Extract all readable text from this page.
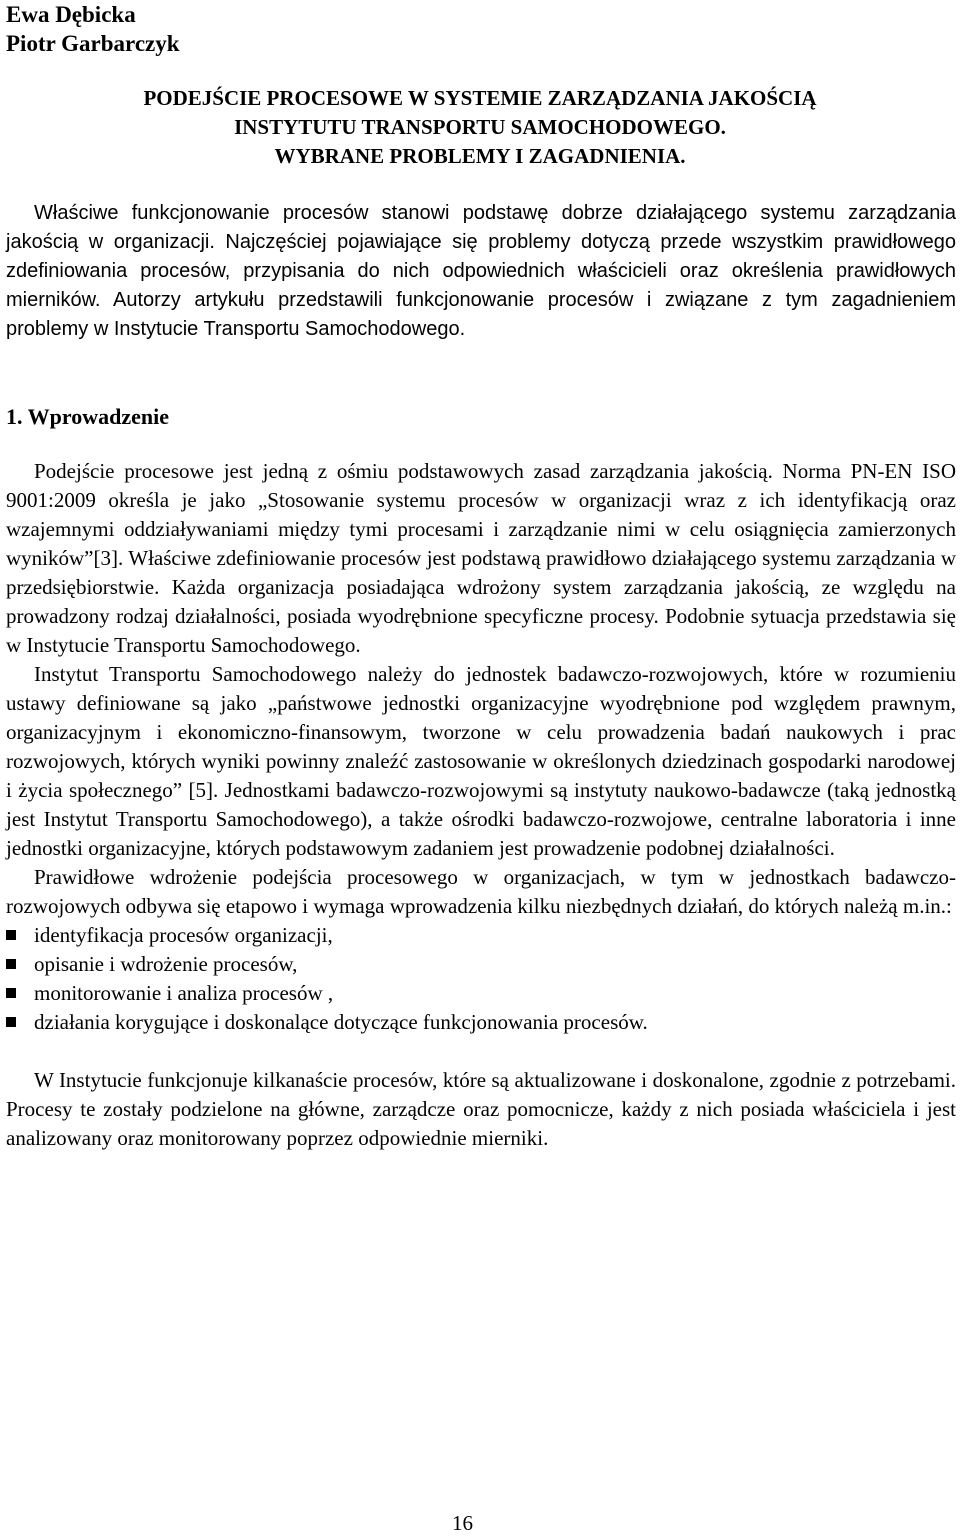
Ewa Dębicka
Piotr Garbarczyk
PODEJŚCIE PROCESOWE W SYSTEMIE ZARZĄDZANIA JAKOŚCIĄ
INSTYTUTU TRANSPORTU SAMOCHODOWEGO.
WYBRANE PROBLEMY I ZAGADNIENIA.

Właściwe funkcjonowanie procesów stanowi podstawę dobrze działającego systemu zarządzania jakością w organizacji. Najczęściej pojawiające się problemy dotyczą przede wszystkim prawidłowego zdefiniowania procesów, przypisania do nich odpowiednich właścicieli oraz określenia prawidłowych mierników. Autorzy artykułu przedstawili funkcjonowanie procesów i związane z tym zagadnieniem problemy w Instytucie Transportu Samochodowego.

1. Wprowadzenie

Podejście procesowe jest jedną z ośmiu podstawowych zasad zarządzania jakością. Norma PN-EN ISO 9001:2009 określa je jako „Stosowanie systemu procesów w organizacji wraz z ich identyfikacją oraz wzajemnymi oddziaływaniami między tymi procesami i zarządzanie nimi w celu osiągnięcia zamierzonych wyników”[3]. Właściwe zdefiniowanie procesów jest podstawą prawidłowo działającego systemu zarządzania w przedsiębiorstwie. Każda organizacja posiadająca wdrożony system zarządzania jakością, ze względu na prowadzony rodzaj działalności, posiada wyodrębnione specyficzne procesy. Podobnie sytuacja przedstawia się w Instytucie Transportu Samochodowego.

Instytut Transportu Samochodowego należy do jednostek badawczo-rozwojowych, które w rozumieniu ustawy definiowane są jako „państwowe jednostki organizacyjne wyodrębnione pod względem prawnym, organizacyjnym i ekonomiczno-finansowym, tworzone w celu prowadzenia badań naukowych i prac rozwojowych, których wyniki powinny znaleźć zastosowanie w określonych dziedzinach gospodarki narodowej i życia społecznego” [5]. Jednostkami badawczo-rozwojowymi są instytuty naukowo-badawcze (taką jednostką jest Instytut Transportu Samochodowego), a także ośrodki badawczo-rozwojowe, centralne laboratoria i inne jednostki organizacyjne, których podstawowym zadaniem jest prowadzenie podobnej działalności.

Prawidłowe wdrożenie podejścia procesowego w organizacjach, w tym w jednostkach badawczo-rozwojowych odbywa się etapowo i wymaga wprowadzenia kilku niezbędnych działań, do których należą m.in.:

identyfikacja procesów organizacji,
opisanie i wdrożenie procesów,
monitorowanie i analiza procesów ,
działania korygujące i doskonalące dotyczące funkcjonowania procesów.

W Instytucie funkcjonuje kilkanaście procesów, które są aktualizowane i doskonalone, zgodnie z potrzebami. Procesy te zostały podzielone na główne, zarządcze oraz pomocnicze, każdy z nich posiada właściciela i jest analizowany oraz monitorowany poprzez odpowiednie mierniki.

16
